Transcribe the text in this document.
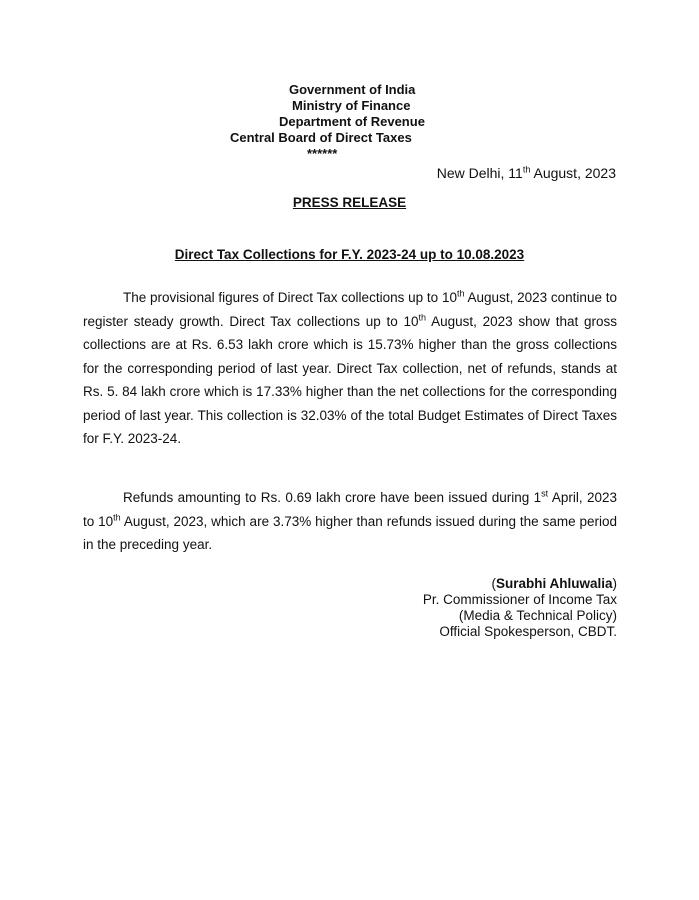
Government of India
Ministry of Finance
Department of Revenue
Central Board of Direct Taxes
******
New Delhi, 11th August, 2023
PRESS RELEASE
Direct Tax Collections for F.Y. 2023-24 up to 10.08.2023

The provisional figures of Direct Tax collections up to 10th August, 2023 continue to register steady growth. Direct Tax collections up to 10th August, 2023 show that gross collections are at Rs. 6.53 lakh crore which is 15.73% higher than the gross collections for the corresponding period of last year. Direct Tax collection, net of refunds, stands at Rs. 5. 84 lakh crore which is 17.33% higher than the net collections for the corresponding period of last year. This collection is 32.03% of the total Budget Estimates of Direct Taxes for F.Y. 2023-24.

Refunds amounting to Rs. 0.69 lakh crore have been issued during 1st April, 2023 to 10th August, 2023, which are 3.73% higher than refunds issued during the same period in the preceding year.

(Surabhi Ahluwalia)
Pr. Commissioner of Income Tax
(Media & Technical Policy)
Official Spokesperson, CBDT.
